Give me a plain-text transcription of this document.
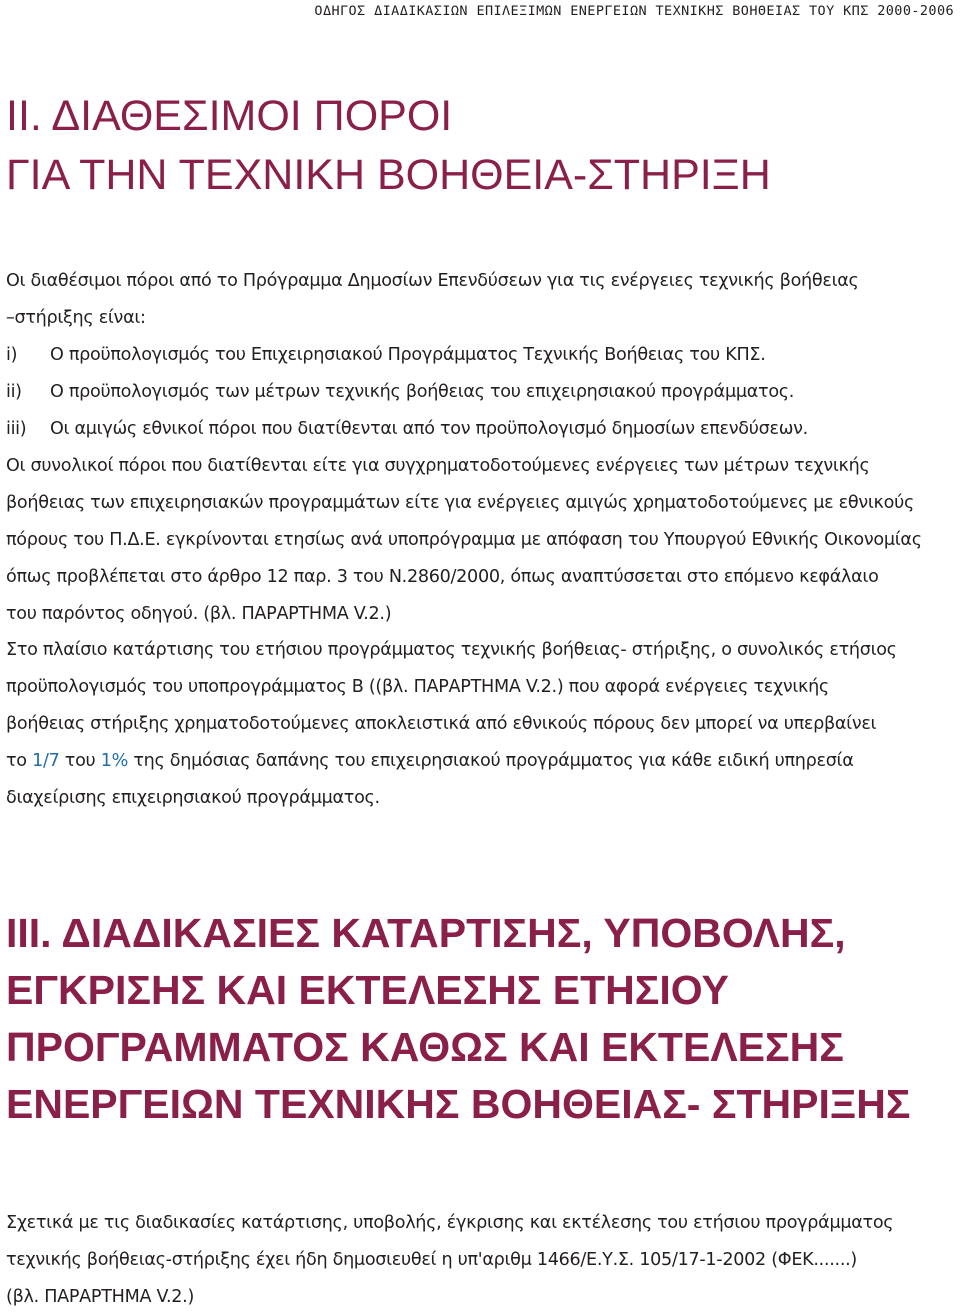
ΟΔΗΓΟΣ ΔΙΑΔΙΚΑΣΙΩΝ ΕΠΙΛΕΞΙΜΩΝ ΕΝΕΡΓΕΙΩΝ ΤΕΧΝΙΚΗΣ ΒΟΗΘΕΙΑΣ ΤΟΥ ΚΠΣ 2000-2006
ΙΙ. ΔΙΑΘΕΣΙΜΟΙ ΠΟΡΟΙ
ΓΙΑ ΤΗΝ ΤΕΧΝΙΚΗ ΒΟΗΘΕΙΑ-ΣΤΗΡΙΞΗ
Οι διαθέσιμοι πόροι από το Πρόγραμμα Δημοσίων Επενδύσεων για τις ενέργειες τεχνικής βοήθειας
–στήριξης είναι:
i) Ο προϋπολογισμός του Επιχειρησιακού Προγράμματος Τεχνικής Βοήθειας του ΚΠΣ.
ii) Ο προϋπολογισμός των μέτρων τεχνικής βοήθειας του επιχειρησιακού προγράμματος.
iii) Οι αμιγώς εθνικοί πόροι που διατίθενται από τον προϋπολογισμό δημοσίων επενδύσεων.
Οι συνολικοί πόροι που διατίθενται είτε για συγχρηματοδοτούμενες ενέργειες των μέτρων τεχνικής
βοήθειας των επιχειρησιακών προγραμμάτων είτε για ενέργειες αμιγώς χρηματοδοτούμενες με εθνικούς
πόρους του Π.Δ.Ε. εγκρίνονται ετησίως ανά υποπρόγραμμα με απόφαση του Υπουργού Εθνικής Οικονομίας
όπως προβλέπεται στο άρθρο 12 παρ. 3 του Ν.2860/2000, όπως αναπτύσσεται στο επόμενο κεφάλαιο
του παρόντος οδηγού. (βλ. ΠΑΡΑΡΤΗΜΑ V.2.)
Στο πλαίσιο κατάρτισης του ετήσιου προγράμματος τεχνικής βοήθειας- στήριξης, ο συνολικός ετήσιος
προϋπολογισμός του υποπρογράμματος Β ((βλ. ΠΑΡΑΡΤΗΜΑ V.2.) που αφορά ενέργειες τεχνικής
βοήθειας στήριξης χρηματοδοτούμενες αποκλειστικά από εθνικούς πόρους δεν μπορεί να υπερβαίνει
το 1/7 του 1% της δημόσιας δαπάνης του επιχειρησιακού προγράμματος για κάθε ειδική υπηρεσία
διαχείρισης επιχειρησιακού προγράμματος.
ΙΙΙ. ΔΙΑΔΙΚΑΣΙΕΣ ΚΑΤΑΡΤΙΣΗΣ, ΥΠΟΒΟΛΗΣ,
ΕΓΚΡΙΣΗΣ ΚΑΙ ΕΚΤΕΛΕΣΗΣ ΕΤΗΣΙΟΥ
ΠΡΟΓΡΑΜΜΑΤΟΣ ΚΑΘΩΣ ΚΑΙ ΕΚΤΕΛΕΣΗΣ
ΕΝΕΡΓΕΙΩΝ ΤΕΧΝΙΚΗΣ ΒΟΗΘΕΙΑΣ- ΣΤΗΡΙΞΗΣ
Σχετικά με τις διαδικασίες κατάρτισης, υποβολής, έγκρισης και εκτέλεσης του ετήσιου προγράμματος
τεχνικής βοήθειας-στήριξης έχει ήδη δημοσιευθεί η υπ'αριθμ 1466/Ε.Υ.Σ. 105/17-1-2002 (ΦΕΚ.......)
(βλ. ΠΑΡΑΡΤΗΜΑ V.2.)
